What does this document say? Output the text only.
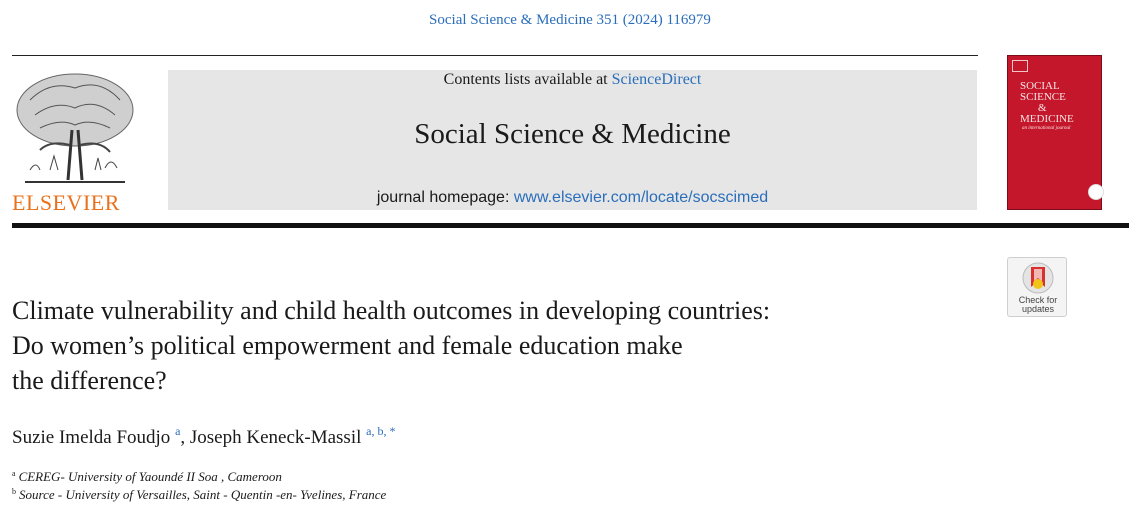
Social Science & Medicine 351 (2024) 116979
ELSEVIER
Contents lists available at ScienceDirect
Social Science & Medicine
journal homepage: www.elsevier.com/locate/socscimed
SOCIAL
SCIENCE
&
MEDICINE
an international journal
Check for
updates
Climate vulnerability and child health outcomes in developing countries:
Do women’s political empowerment and female education make
the difference?
Suzie Imelda Foudjo $^a$, Joseph Keneck-Massil $^{a, b, *}$
$^a$ CEREG- University of Yaoundé II Soa , Cameroon
$^b$ Source - University of Versailles, Saint - Quentin -en- Yvelines, France
